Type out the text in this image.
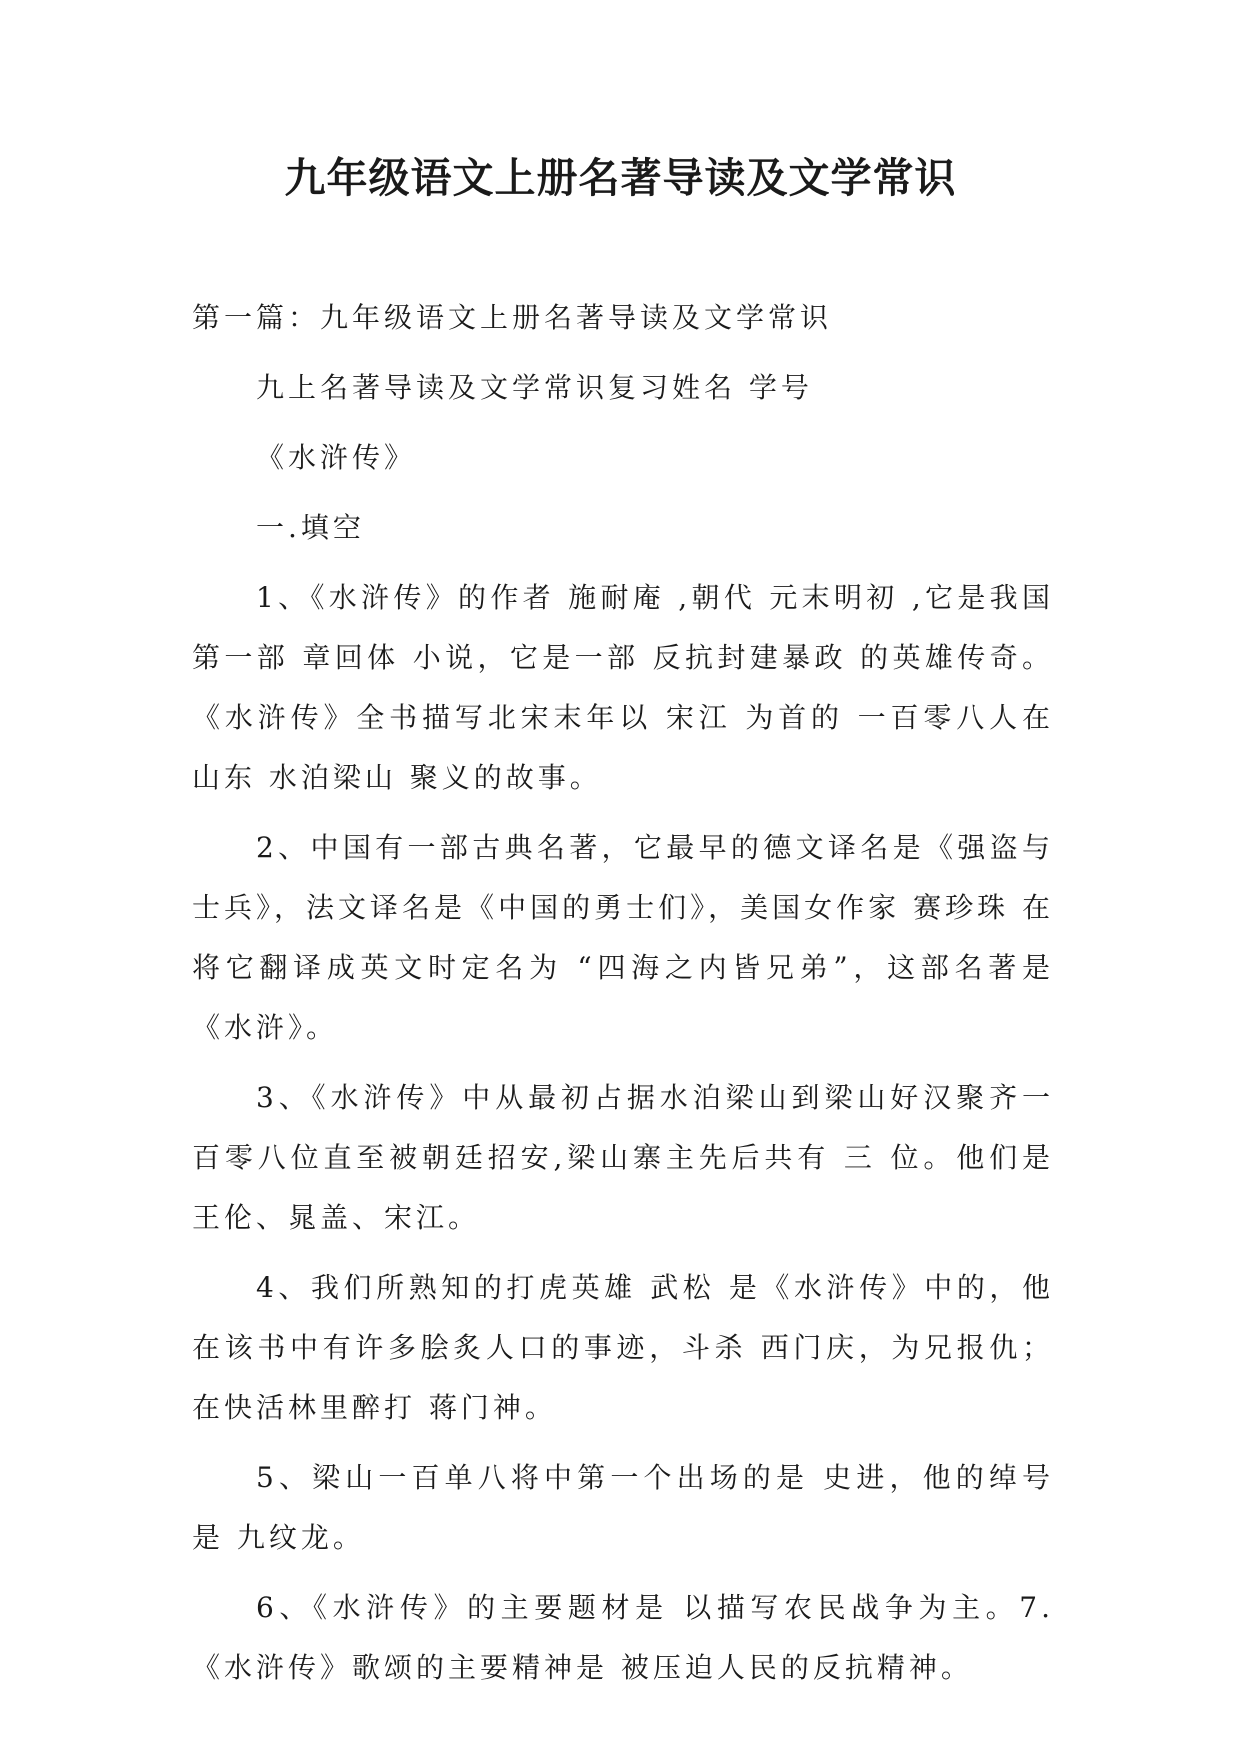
九年级语文上册名著导读及文学常识

第一篇：九年级语文上册名著导读及文学常识

九上名著导读及文学常识复习姓名 学号

《水浒传》

一.填空

1、《水浒传》的作者 施耐庵 ,朝代 元末明初 ,它是我国第一部 章回体 小说，它是一部 反抗封建暴政 的英雄传奇。《水浒传》全书描写北宋末年以 宋江 为首的 一百零八人在山东 水泊梁山 聚义的故事。

2、中国有一部古典名著，它最早的德文译名是《强盗与士兵》，法文译名是《中国的勇士们》，美国女作家 赛珍珠 在将它翻译成英文时定名为 “四海之内皆兄弟”，这部名著是 《水浒》。

3、《水浒传》中从最初占据水泊梁山到梁山好汉聚齐一百零八位直至被朝廷招安,梁山寨主先后共有 三 位。他们是 王伦、晁盖、宋江。

4、我们所熟知的打虎英雄 武松 是《水浒传》中的，他在该书中有许多脍炙人口的事迹，斗杀 西门庆，为兄报仇；在快活林里醉打 蒋门神。

5、梁山一百单八将中第一个出场的是 史进，他的绰号是 九纹龙。

6、《水浒传》的主要题材是 以描写农民战争为主。7.《水浒传》歌颂的主要精神是 被压迫人民的反抗精神。
